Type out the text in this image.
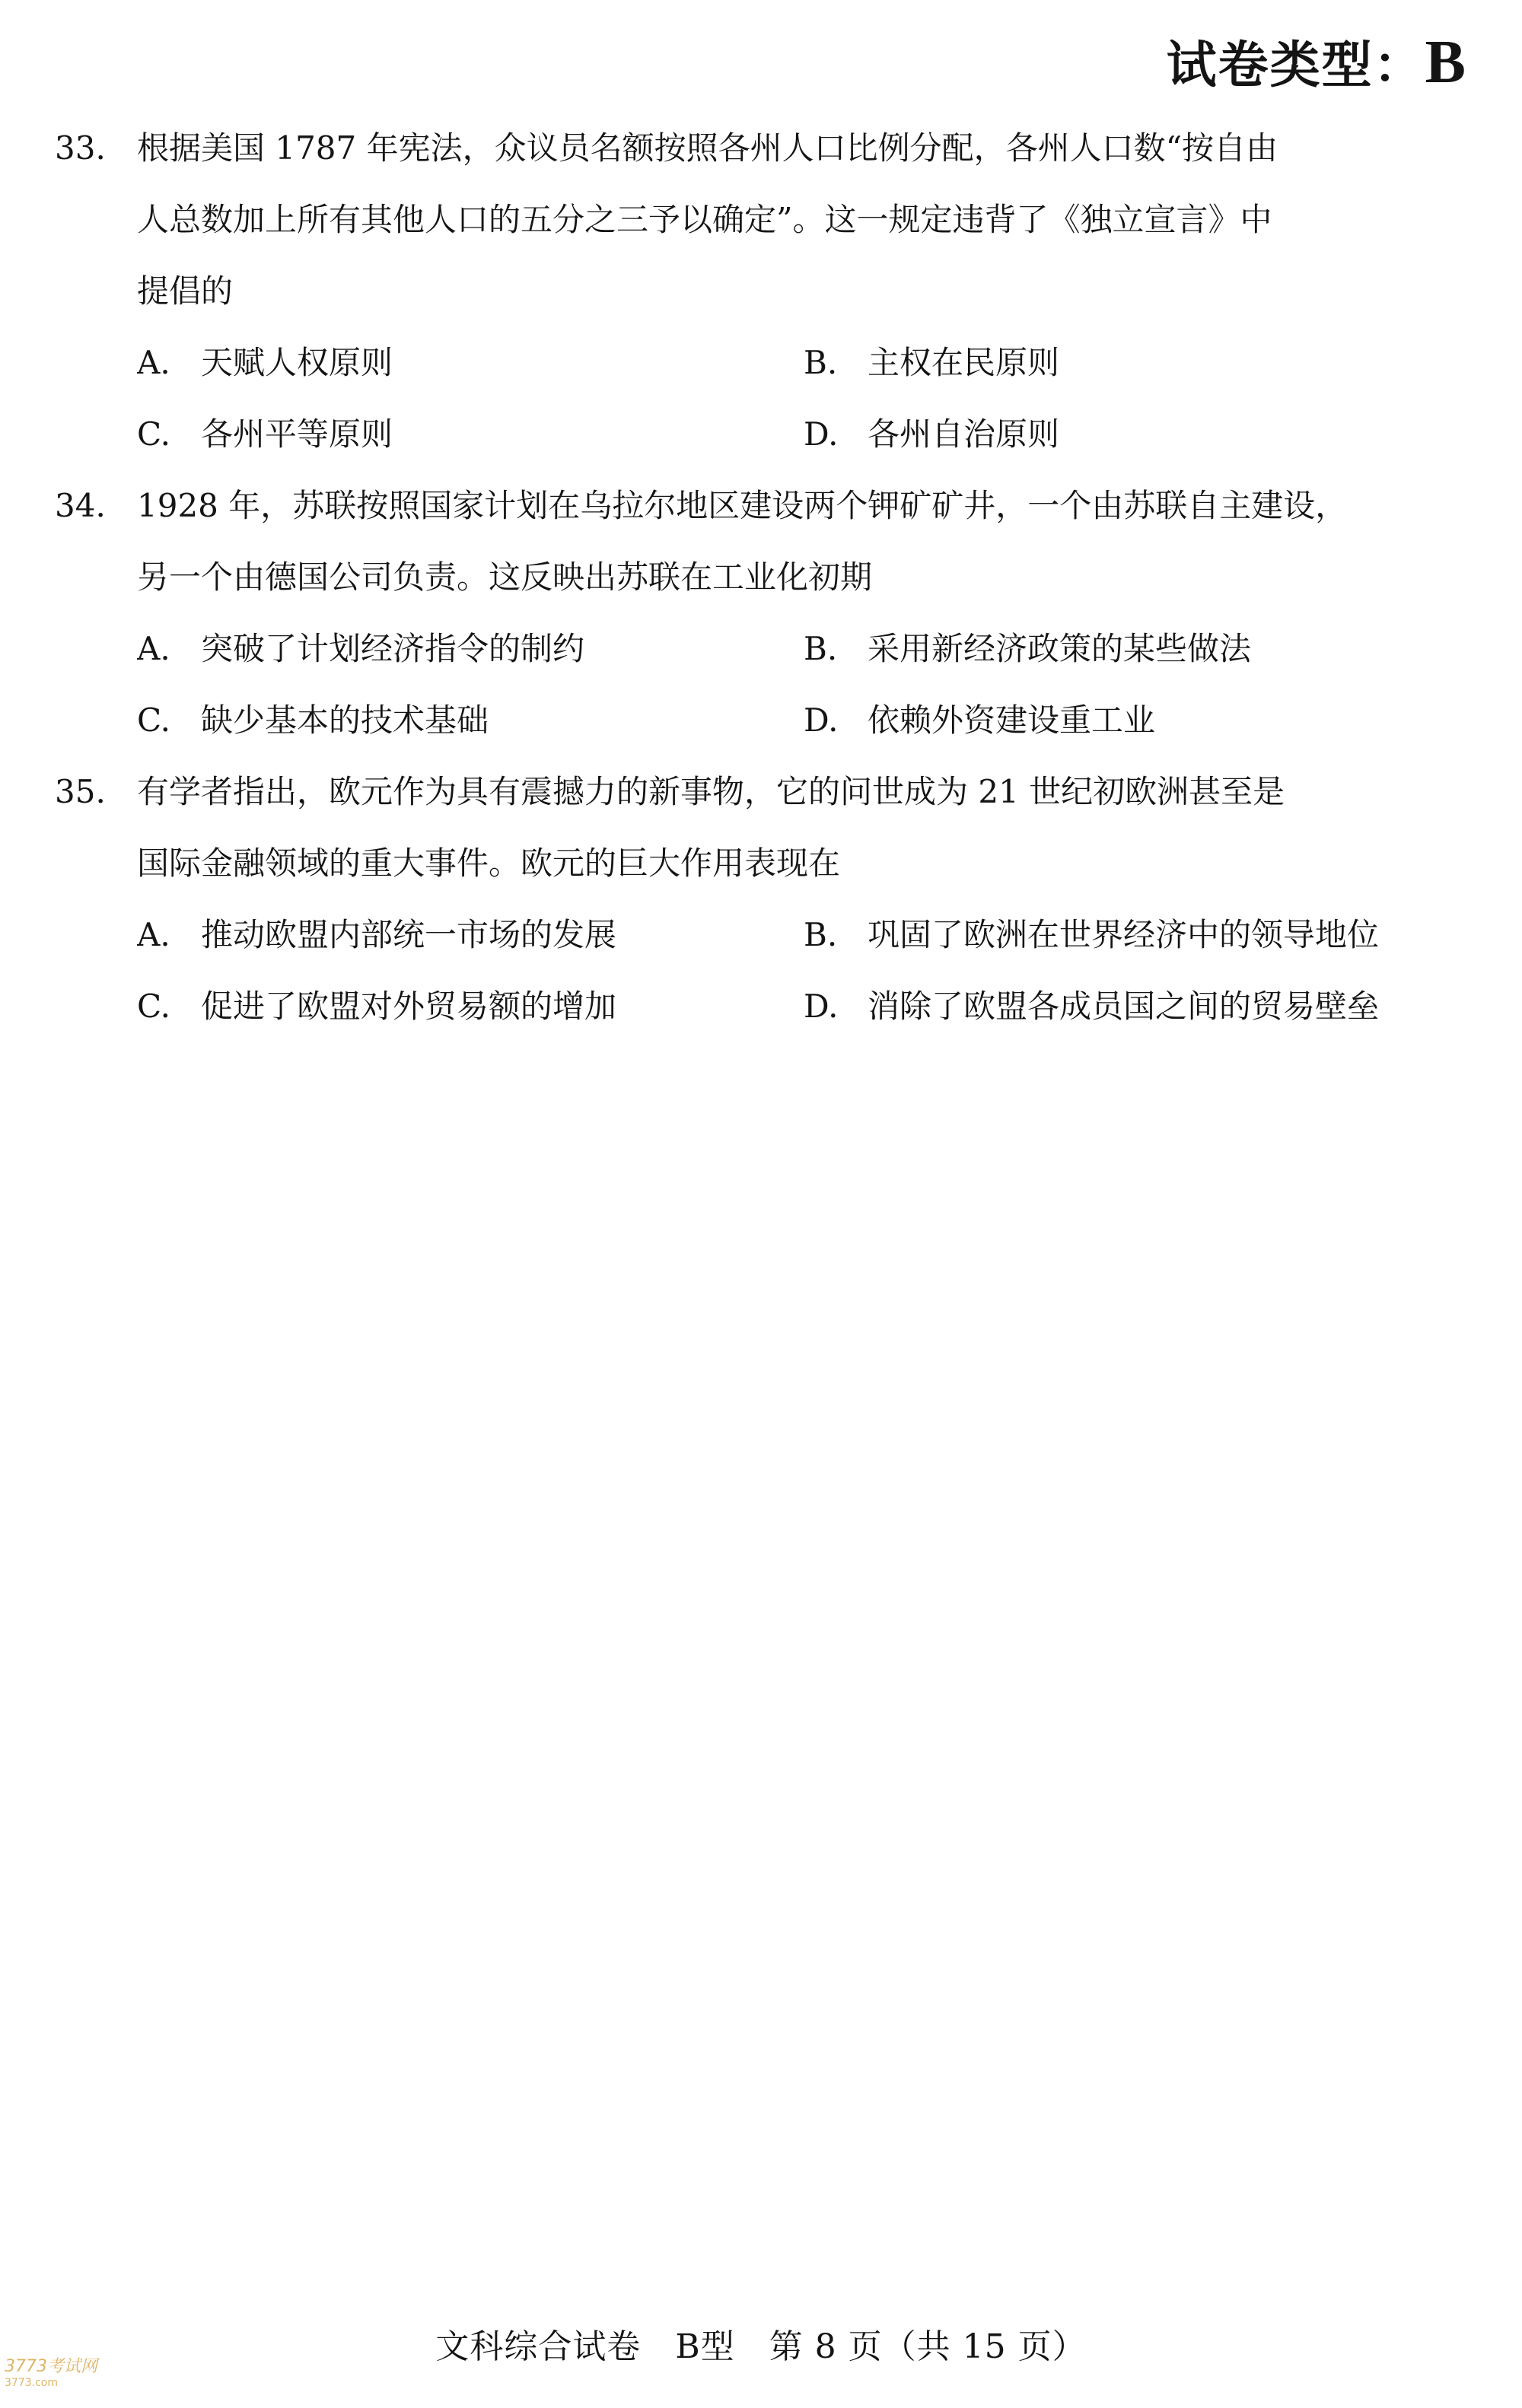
试卷类型：B
33. 根据美国 1787 年宪法，众议员名额按照各州人口比例分配，各州人口数“按自由
人总数加上所有其他人口的五分之三予以确定”。这一规定违背了《独立宣言》中
提倡的
A. 天赋人权原则	B. 主权在民原则
C. 各州平等原则	D. 各州自治原则
34. 1928 年，苏联按照国家计划在乌拉尔地区建设两个钾矿矿井，一个由苏联自主建设，
另一个由德国公司负责。这反映出苏联在工业化初期
A. 突破了计划经济指令的制约	B. 采用新经济政策的某些做法
C. 缺少基本的技术基础	D. 依赖外资建设重工业
35. 有学者指出，欧元作为具有震撼力的新事物，它的问世成为 21 世纪初欧洲甚至是
国际金融领域的重大事件。欧元的巨大作用表现在
A. 推动欧盟内部统一市场的发展	B. 巩固了欧洲在世界经济中的领导地位
C. 促进了欧盟对外贸易额的增加	D. 消除了欧盟各成员国之间的贸易壁垒
文科综合试卷　B型　第 8 页（共 15 页）
3773考试网
3773.com
